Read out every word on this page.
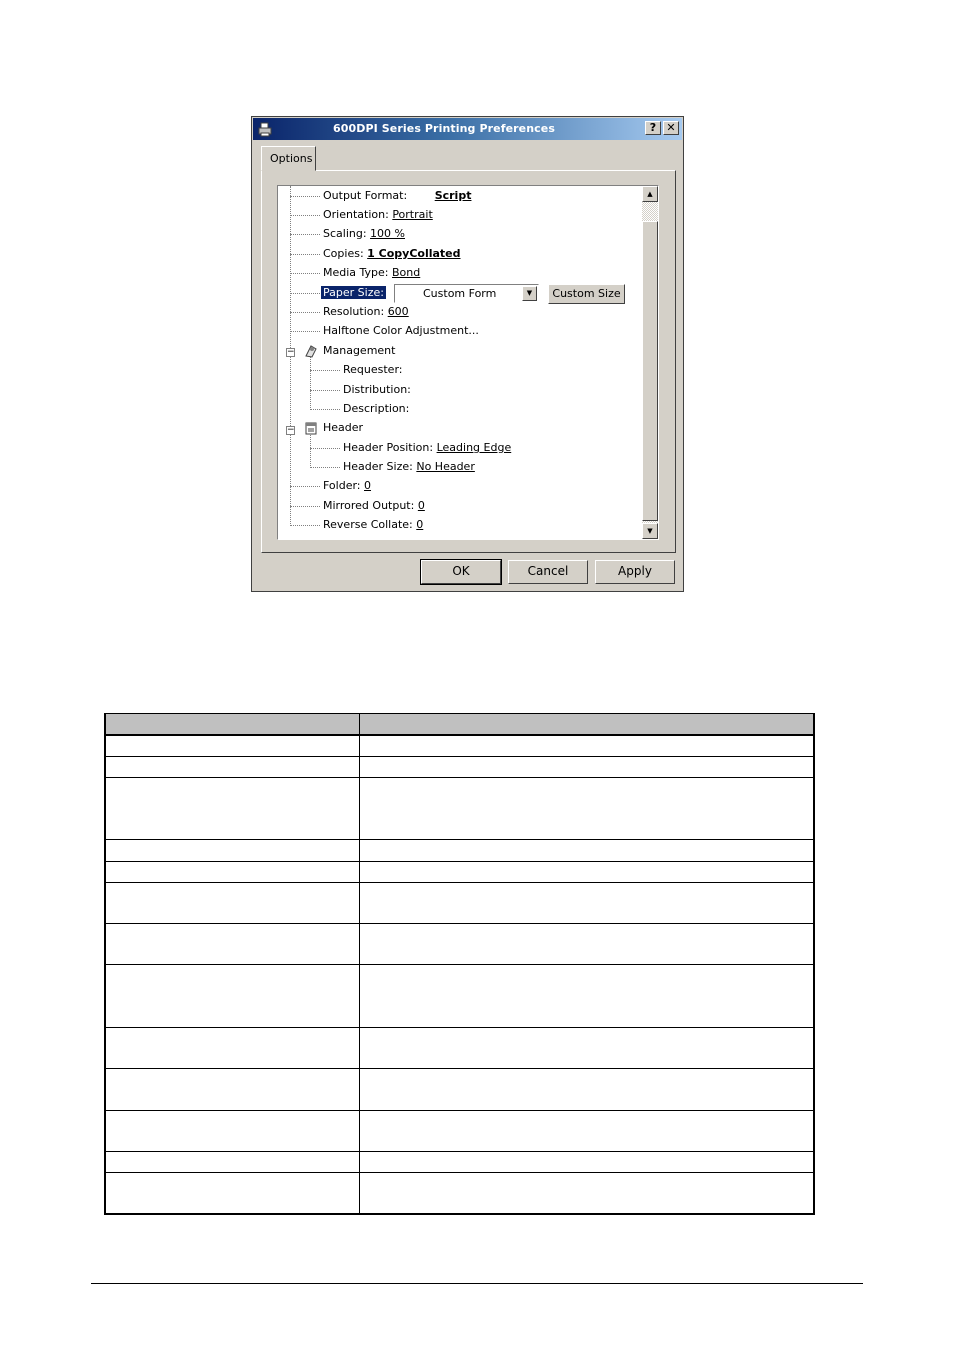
600DPI Series Printing Preferences	? ✕
Options
Output Format:	Script
Orientation: Portrait
Scaling: 100 %
Copies: 1 CopyCollated
Media Type: Bond
Paper Size:	Custom Form	▼	Custom Size
Resolution: 600
Halftone Color Adjustment...
−	Management
Requester:
Distribution:
Description:
−	Header
Header Position: Leading Edge
Header Size: No Header
Folder: 0
Mirrored Output: 0
Reverse Collate: 0
▲
▼
OK	Cancel	Apply
